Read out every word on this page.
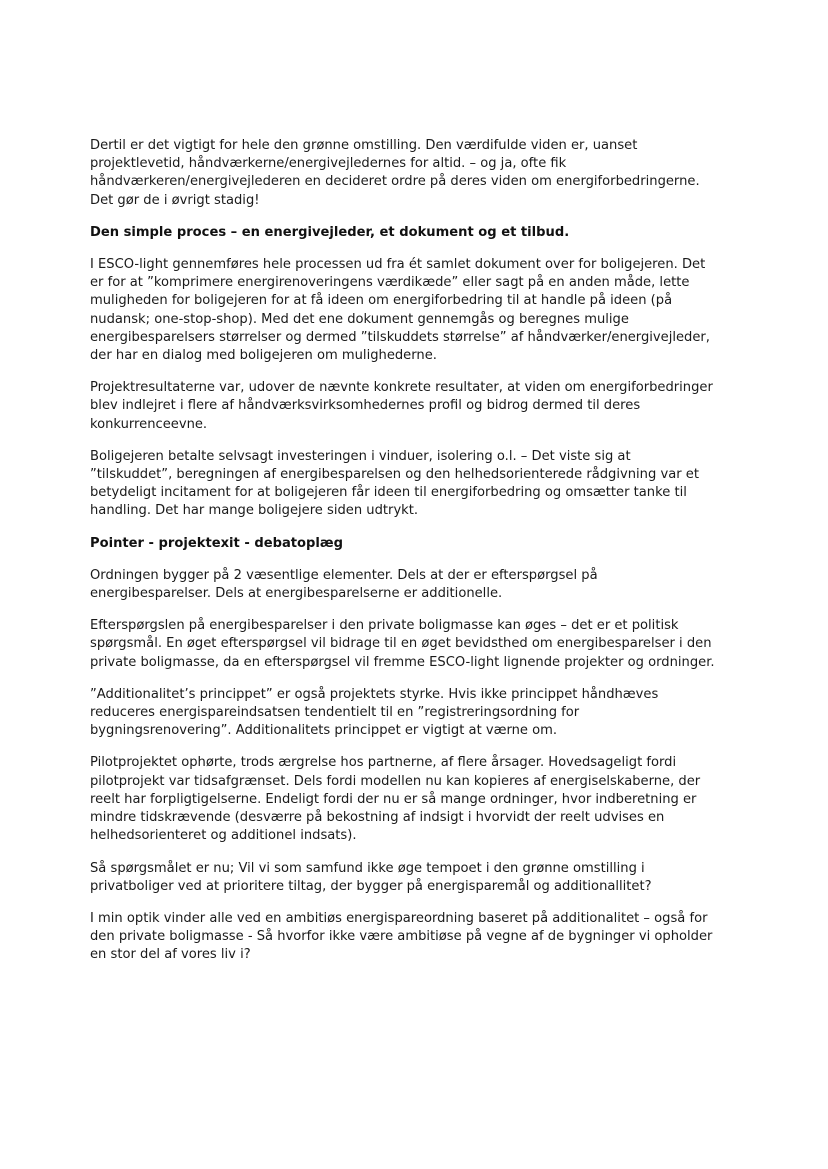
Dertil er det vigtigt for hele den grønne omstilling. Den værdifulde viden er, uanset
projektlevetid, håndværkerne/energivejledernes for altid. – og ja, ofte fik
håndværkeren/energivejlederen en decideret ordre på deres viden om energiforbedringerne.
Det gør de i øvrigt stadig!

Den simple proces – en energivejleder, et dokument og et tilbud.

I ESCO-light gennemføres hele processen ud fra ét samlet dokument over for boligejeren. Det
er for at ”komprimere energirenoveringens værdikæde” eller sagt på en anden måde, lette
muligheden for boligejeren for at få ideen om energiforbedring til at handle på ideen (på
nudansk; one-stop-shop). Med det ene dokument gennemgås og beregnes mulige
energibesparelsers størrelser og dermed ”tilskuddets størrelse” af håndværker/energivejleder,
der har en dialog med boligejeren om mulighederne.

Projektresultaterne var, udover de nævnte konkrete resultater, at viden om energiforbedringer
blev indlejret i flere af håndværksvirksomhedernes profil og bidrog dermed til deres
konkurrenceevne.

Boligejeren betalte selvsagt investeringen i vinduer, isolering o.l. – Det viste sig at
”tilskuddet”, beregningen af energibesparelsen og den helhedsorienterede rådgivning var et
betydeligt incitament for at boligejeren får ideen til energiforbedring og omsætter tanke til
handling. Det har mange boligejere siden udtrykt.

Pointer - projektexit - debatoplæg

Ordningen bygger på 2 væsentlige elementer. Dels at der er efterspørgsel på
energibesparelser. Dels at energibesparelserne er additionelle.

Efterspørgslen på energibesparelser i den private boligmasse kan øges – det er et politisk
spørgsmål. En øget efterspørgsel vil bidrage til en øget bevidsthed om energibesparelser i den
private boligmasse, da en efterspørgsel vil fremme ESCO-light lignende projekter og ordninger.

”Additionalitet’s princippet” er også projektets styrke. Hvis ikke princippet håndhæves
reduceres energispareindsatsen tendentielt til en ”registreringsordning for
bygningsrenovering”. Additionalitets princippet er vigtigt at værne om.

Pilotprojektet ophørte, trods ærgrelse hos partnerne, af flere årsager. Hovedsageligt fordi
pilotprojekt var tidsafgrænset. Dels fordi modellen nu kan kopieres af energiselskaberne, der
reelt har forpligtigelserne. Endeligt fordi der nu er så mange ordninger, hvor indberetning er
mindre tidskrævende (desværre på bekostning af indsigt i hvorvidt der reelt udvises en
helhedsorienteret og additionel indsats).

Så spørgsmålet er nu; Vil vi som samfund ikke øge tempoet i den grønne omstilling i
privatboliger ved at prioritere tiltag, der bygger på energisparemål og additionallitet?

I min optik vinder alle ved en ambitiøs energispareordning baseret på additionalitet – også for
den private boligmasse - Så hvorfor ikke være ambitiøse på vegne af de bygninger vi opholder
en stor del af vores liv i?
